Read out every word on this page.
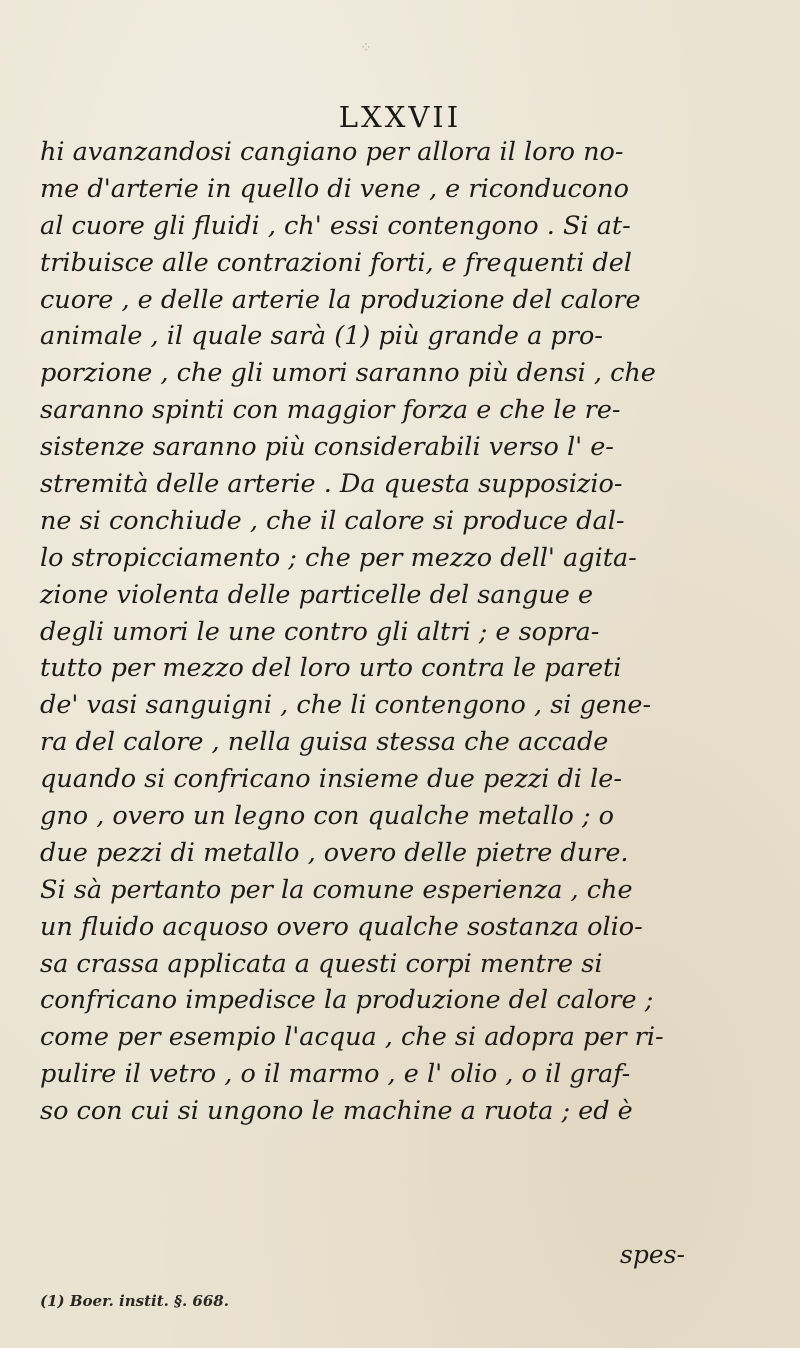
⁘
LXXVII
hi avanzandosi cangiano per allora il loro no-
me d'arterie in quello di vene , e riconducono
al cuore gli fluidi , ch' essi contengono . Si at-
tribuisce alle contrazioni forti, e frequenti del
cuore , e delle arterie la produzione del calore
animale , il quale sarà (1) più grande a pro-
porzione , che gli umori saranno più densi , che
saranno spinti con maggior forza e che le re-
sistenze saranno più considerabili verso l' e-
stremità delle arterie . Da questa supposizio-
ne si conchiude , che il calore si produce dal-
lo stropicciamento ; che per mezzo dell' agita-
zione violenta delle particelle del sangue e
degli umori le une contro gli altri ; e sopra-
tutto per mezzo del loro urto contra le pareti
de' vasi sanguigni , che li contengono , si gene-
ra del calore , nella guisa stessa che accade
quando si confricano insieme due pezzi di le-
gno , overo un legno con qualche metallo ; o
due pezzi di metallo , overo delle pietre dure.
Si sà pertanto per la comune esperienza , che
un fluido acquoso overo qualche sostanza olio-
sa crassa applicata a questi corpi mentre si
confricano impedisce la produzione del calore ;
come per esempio l'acqua , che si adopra per ri-
pulire il vetro , o il marmo , e l' olio , o il graf-
so con cui si ungono le machine a ruota ; ed è
spes-
(1) Boer. instit. §. 668.
